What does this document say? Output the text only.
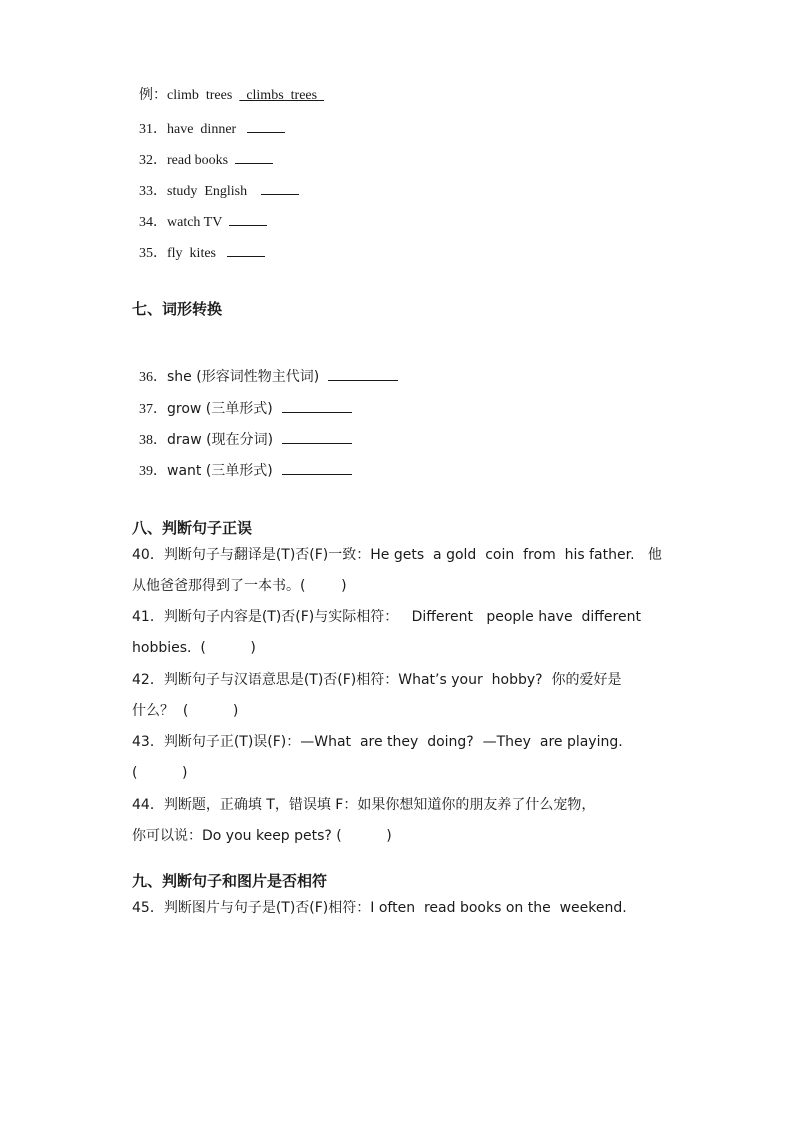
例：climb  trees    climbs  trees

31．have  dinner

32．read books

33．study  English

34．watch TV

35．fly  kites

七、词形转换

36．she (形容词性物主代词)

37．grow (三单形式)

38．draw (现在分词)

39．want (三单形式)

八、判断句子正误
40．判断句子与翻译是(T)否(F)一致：He gets  a gold  coin  from  his father.   他
从他爸爸那得到了一本书。(        )
41．判断句子内容是(T)否(F)与实际相符：   Different   people have  different
hobbies.  (          )
42．判断句子与汉语意思是(T)否(F)相符：What’s your  hobby?  你的爱好是
什么？  (          )
43．判断句子正(T)误(F)：—What  are they  doing?  —They  are playing.
(          )
44．判断题，正确填 T，错误填 F：如果你想知道你的朋友养了什么宠物，
你可以说：Do you keep pets? (          )
九、判断句子和图片是否相符
45．判断图片与句子是(T)否(F)相符：I often  read books on the  weekend.
